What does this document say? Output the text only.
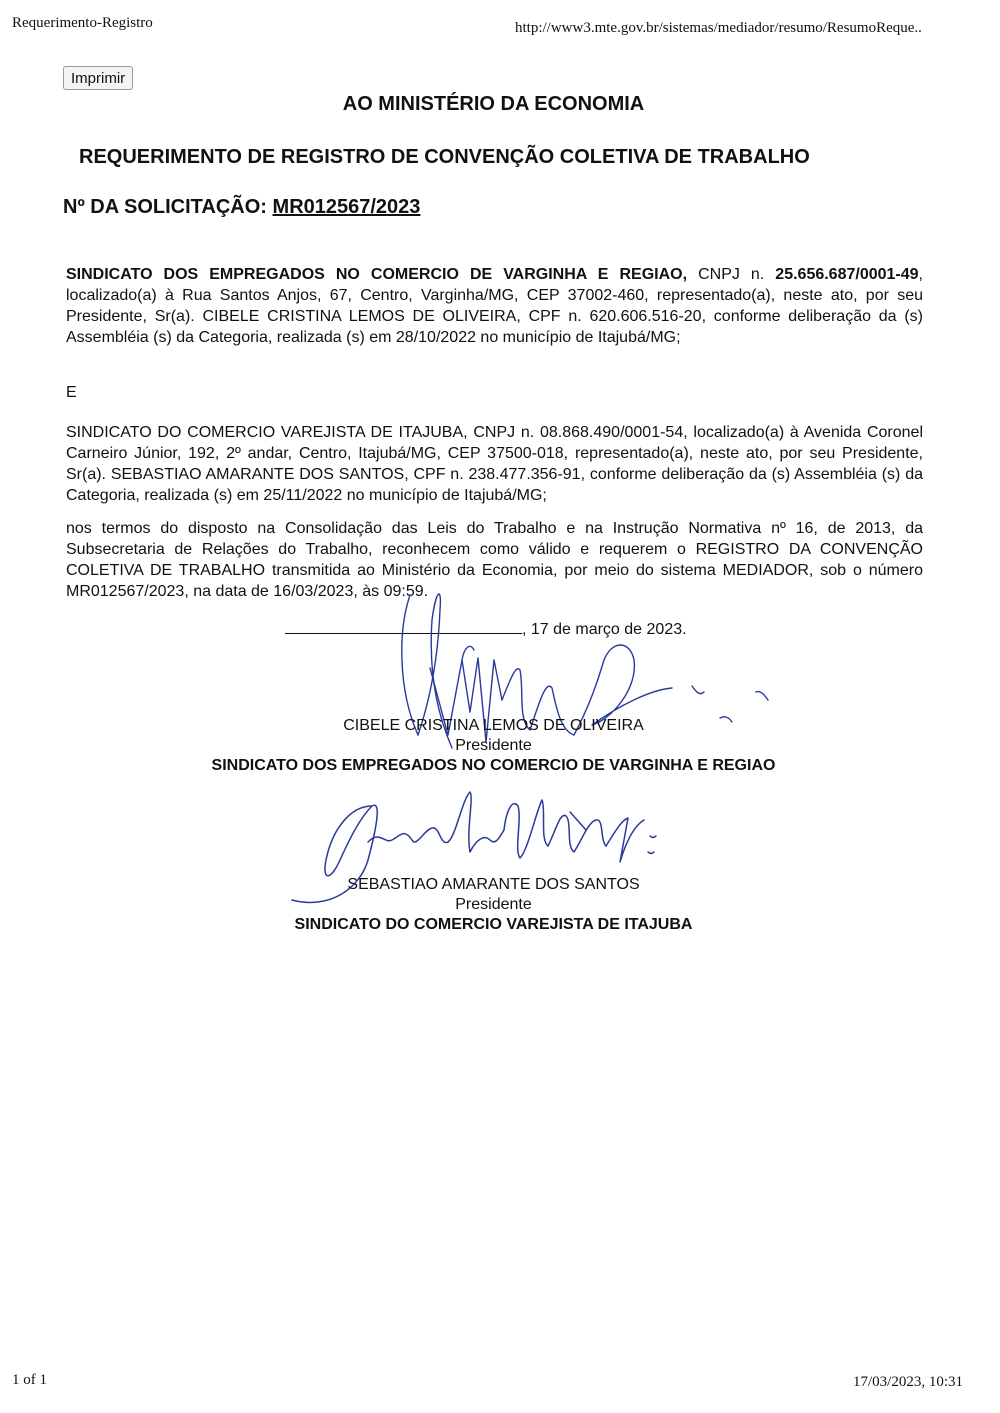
Requerimento-Registro	http://www3.mte.gov.br/sistemas/mediador/resumo/ResumoReque..
Imprimir
AO MINISTÉRIO DA ECONOMIA
REQUERIMENTO DE REGISTRO DE CONVENÇÃO COLETIVA DE TRABALHO
Nº DA SOLICITAÇÃO: MR012567/2023
SINDICATO DOS EMPREGADOS NO COMERCIO DE VARGINHA E REGIAO, CNPJ n. 25.656.687/0001-49, localizado(a) à Rua Santos Anjos, 67, Centro, Varginha/MG, CEP 37002-460, representado(a), neste ato, por seu Presidente, Sr(a). CIBELE CRISTINA LEMOS DE OLIVEIRA, CPF n. 620.606.516-20, conforme deliberação da (s) Assembléia (s) da Categoria, realizada (s) em 28/10/2022 no município de Itajubá/MG;
E
SINDICATO DO COMERCIO VAREJISTA DE ITAJUBA, CNPJ n. 08.868.490/0001-54, localizado(a) à Avenida Coronel Carneiro Júnior, 192, 2º andar, Centro, Itajubá/MG, CEP 37500-018, representado(a), neste ato, por seu Presidente, Sr(a). SEBASTIAO AMARANTE DOS SANTOS, CPF n. 238.477.356-91, conforme deliberação da (s) Assembléia (s) da Categoria, realizada (s) em 25/11/2022 no município de Itajubá/MG;
nos termos do disposto na Consolidação das Leis do Trabalho e na Instrução Normativa nº 16, de 2013, da Subsecretaria de Relações do Trabalho, reconhecem como válido e requerem o REGISTRO DA CONVENÇÃO COLETIVA DE TRABALHO transmitida ao Ministério da Economia, por meio do sistema MEDIADOR, sob o número MR012567/2023, na data de 16/03/2023, às 09:59.
, 17 de março de 2023.
CIBELE CRISTINA LEMOS DE OLIVEIRA
Presidente
SINDICATO DOS EMPREGADOS NO COMERCIO DE VARGINHA E REGIAO
SEBASTIAO AMARANTE DOS SANTOS
Presidente
SINDICATO DO COMERCIO VAREJISTA DE ITAJUBA
1 of 1	17/03/2023, 10:31
